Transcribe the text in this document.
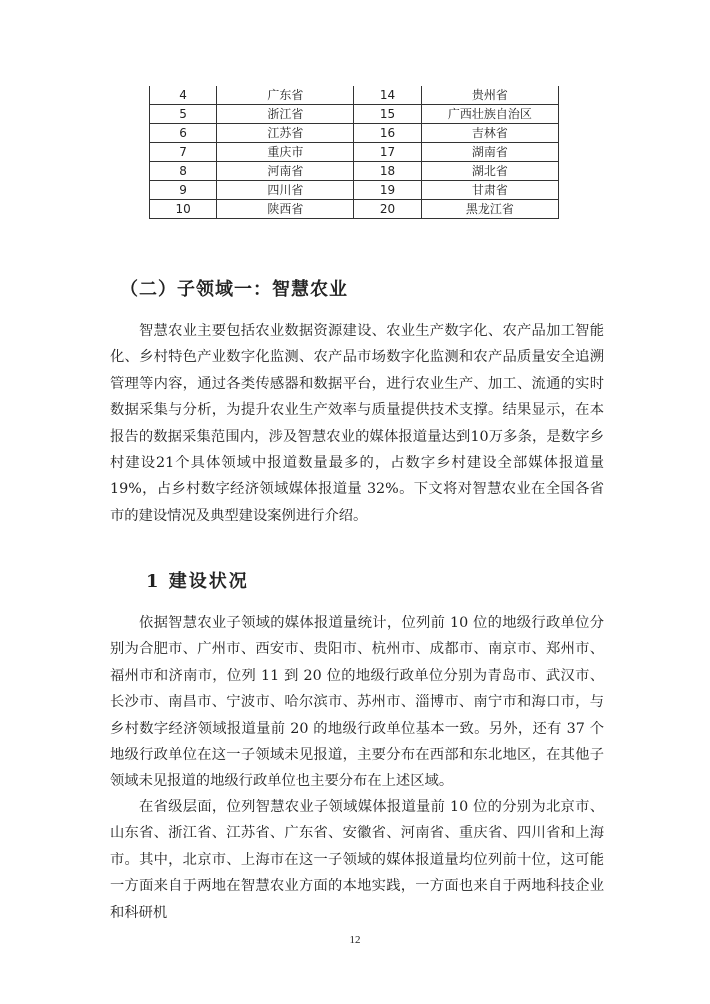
4	广东省	14	贵州省
5	浙江省	15	广西壮族自治区
6	江苏省	16	吉林省
7	重庆市	17	湖南省
8	河南省	18	湖北省
9	四川省	19	甘肃省
10	陕西省	20	黑龙江省
（二）子领域一：智慧农业

智慧农业主要包括农业数据资源建设、农业生产数字化、农产品加工智能化、乡村特色产业数字化监测、农产品市场数字化监测和农产品质量安全追溯管理等内容，通过各类传感器和数据平台，进行农业生产、加工、流通的实时数据采集与分析，为提升农业生产效率与质量提供技术支撑。结果显示，在本报告的数据采集范围内，涉及智慧农业的媒体报道量达到10万多条，是数字乡村建设21个具体领域中报道数量最多的，占数字乡村建设全部媒体报道量 19%，占乡村数字经济领域媒体报道量 32%。下文将对智慧农业在全国各省市的建设情况及典型建设案例进行介绍。

1 建设状况

依据智慧农业子领域的媒体报道量统计，位列前 10 位的地级行政单位分别为合肥市、广州市、西安市、贵阳市、杭州市、成都市、南京市、郑州市、福州市和济南市，位列 11 到 20 位的地级行政单位分别为青岛市、武汉市、长沙市、南昌市、宁波市、哈尔滨市、苏州市、淄博市、南宁市和海口市，与乡村数字经济领域报道量前 20 的地级行政单位基本一致。另外，还有 37 个地级行政单位在这一子领域未见报道，主要分布在西部和东北地区，在其他子领域未见报道的地级行政单位也主要分布在上述区域。

在省级层面，位列智慧农业子领域媒体报道量前 10 位的分别为北京市、山东省、浙江省、江苏省、广东省、安徽省、河南省、重庆省、四川省和上海市。其中，北京市、上海市在这一子领域的媒体报道量均位列前十位，这可能一方面来自于两地在智慧农业方面的本地实践，一方面也来自于两地科技企业和科研机

12
